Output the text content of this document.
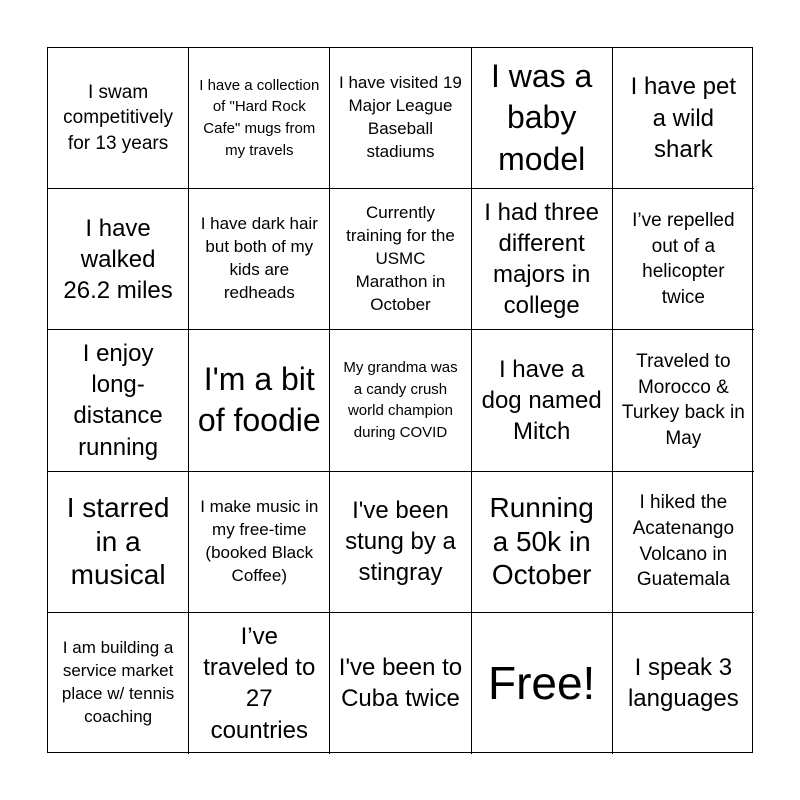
I swam competitively for 13 years
I have a collection of "Hard Rock Cafe" mugs from my travels
I have visited 19 Major League Baseball stadiums
I was a baby model
I have pet a wild shark
I have walked 26.2 miles
I have dark hair but both of my kids are redheads
Currently training for the USMC Marathon in October
I had three different majors in college
I’ve repelled out of a helicopter twice
I enjoy long-distance running
I'm a bit of foodie
My grandma was a candy crush world champion during COVID
I have a dog named Mitch
Traveled to Morocco & Turkey back in May
I starred in a musical
I make music in my free-time (booked Black Coffee)
I've been stung by a stingray
Running a 50k in October
I hiked the Acatenango Volcano in Guatemala
I am building a service market place w/ tennis coaching
I’ve traveled to 27 countries
I've been to Cuba twice Free!	I speak 3 languages
